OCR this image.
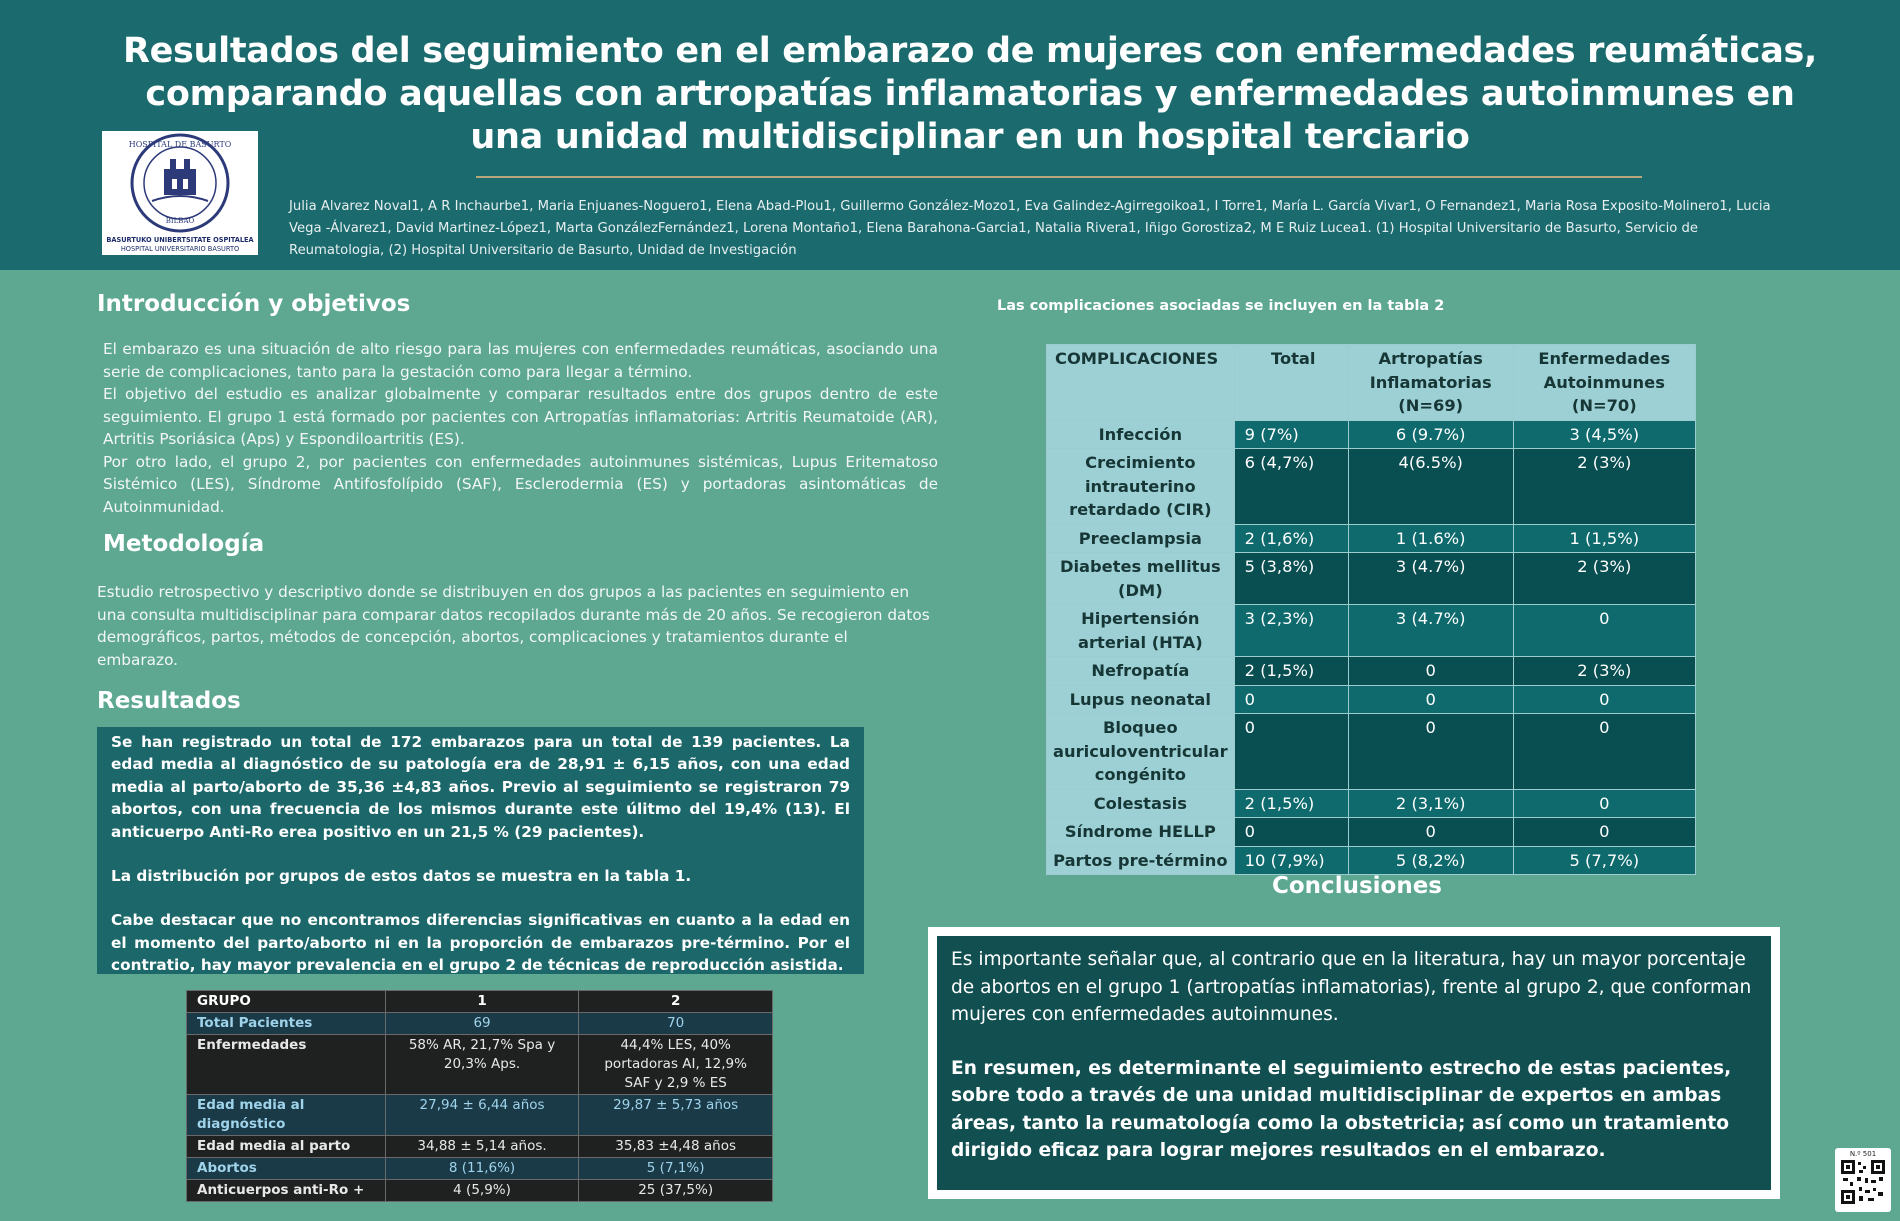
HOSPITAL DE BASURTO
BILBAO
BASURTUKO UNIBERTSITATE OSPITALEA
HOSPITAL UNIVERSITARIO BASURTO
Resultados del seguimiento en el embarazo de mujeres con enfermedades reumáticas, comparando aquellas con artropatías inflamatorias y enfermedades autoinmunes en una unidad multidisciplinar en un hospital terciario
Julia Alvarez Noval1, A R Inchaurbe1, Maria Enjuanes-Noguero1, Elena Abad-Plou1, Guillermo González-Mozo1, Eva Galindez-Agirregoikoa1, I Torre1, María L. García Vivar1, O Fernandez1, Maria Rosa Exposito-Molinero1, Lucia Vega -Álvarez1, David Martinez-López1, Marta GonzálezFernández1, Lorena Montaño1, Elena Barahona-Garcia1, Natalia Rivera1, Iñigo Gorostiza2, M E Ruiz Lucea1. (1) Hospital Universitario de Basurto, Servicio de Reumatologia, (2) Hospital Universitario de Basurto, Unidad de Investigación
Introducción y objetivos
El embarazo es una situación de alto riesgo para las mujeres con enfermedades reumáticas, asociando una serie de complicaciones, tanto para la gestación como para llegar a término.
El objetivo del estudio es analizar globalmente y comparar resultados entre dos grupos dentro de este seguimiento. El grupo 1 está formado por pacientes con Artropatías inflamatorias: Artritis Reumatoide (AR), Artritis Psoriásica (Aps) y Espondiloartritis (ES).
Por otro lado, el grupo 2, por pacientes con enfermedades autoinmunes sistémicas, Lupus Eritematoso Sistémico (LES), Síndrome Antifosfolípido (SAF), Esclerodermia (ES) y portadoras asintomáticas de Autoinmunidad.
Metodología
Estudio retrospectivo y descriptivo donde se distribuyen en dos grupos a las pacientes en seguimiento en una consulta multidisciplinar para comparar datos recopilados durante más de 20 años. Se recogieron datos demográficos, partos, métodos de concepción, abortos, complicaciones y tratamientos durante el embarazo.
Resultados

Se han registrado un total de 172 embarazos para un total de 139 pacientes. La edad media al diagnóstico de su patología era de 28,91 ± 6,15 años, con una edad media al parto/aborto de 35,36 ±4,83 años. Previo al seguimiento se registraron 79 abortos, con una frecuencia de los mismos durante este úlitmo del 19,4% (13). El anticuerpo Anti-Ro erea positivo en un 21,5 % (29 pacientes).

La distribución por grupos de estos datos se muestra en la tabla 1.

Cabe destacar que no encontramos diferencias significativas en cuanto a la edad en el momento del parto/aborto ni en la proporción de embarazos pre-término. Por el contratio, hay mayor prevalencia en el grupo 2 de técnicas de reproducción asistida.

GRUPO	1	2
Total Pacientes	69	70
Enfermedades	58% AR, 21,7% Spa y 20,3% Aps.	44,4% LES, 40% portadoras AI, 12,9% SAF y 2,9 % ES
Edad media al diagnóstico	27,94 ± 6,44 años	29,87 ± 5,73 años
Edad media al parto	34,88 ± 5,14 años.	35,83 ±4,48 años
Abortos	8 (11,6%)	5 (7,1%)
Anticuerpos anti-Ro +	4 (5,9%)	25 (37,5%)
Las complicaciones asociadas se incluyen en la tabla 2
COMPLICACIONES	Total	Artropatías Inflamatorias (N=69)	Enfermedades Autoinmunes (N=70)
Infección	9 (7%)	6 (9.7%)	3 (4,5%)
Crecimiento intrauterino retardado (CIR)	6 (4,7%)	4(6.5%)	2 (3%)
Preeclampsia	2 (1,6%)	1 (1.6%)	1 (1,5%)
Diabetes mellitus (DM)	5 (3,8%)	3 (4.7%)	2 (3%)
Hipertensión arterial (HTA)	3 (2,3%)	3 (4.7%)	0
Nefropatía	2 (1,5%)	0	2 (3%)
Lupus neonatal	0	0	0
Bloqueo auriculoventricular congénito	0	0	0
Colestasis	2 (1,5%)	2 (3,1%)	0
Síndrome HELLP	0	0	0
Partos pre-término	10 (7,9%)	5 (8,2%)	5 (7,7%)
Conclusiones

Es importante señalar que, al contrario que en la literatura, hay un mayor porcentaje de abortos en el grupo 1 (artropatías inflamatorias), frente al grupo 2, que conforman mujeres con enfermedades autoinmunes.

En resumen, es determinante el seguimiento estrecho de estas pacientes, sobre todo a través de una unidad multidisciplinar de expertos en ambas áreas, tanto la reumatología como la obstetricia; así como un tratamiento dirigido eficaz para lograr mejores resultados en el embarazo.	N.º 501
